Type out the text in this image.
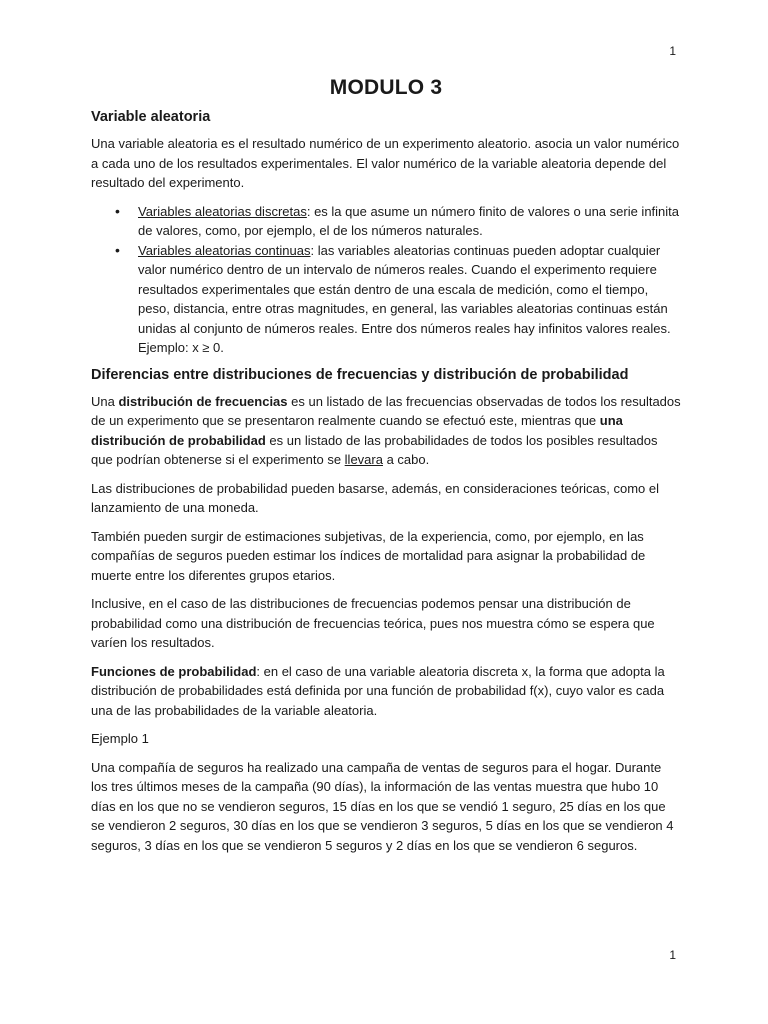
1
MODULO 3
Variable aleatoria

Una variable aleatoria es el resultado numérico de un experimento aleatorio. asocia un valor numérico a cada uno de los resultados experimentales. El valor numérico de la variable aleatoria depende del resultado del experimento.

• Variables aleatorias discretas: es la que asume un número finito de valores o una serie infinita de valores, como, por ejemplo, el de los números naturales.
• Variables aleatorias continuas: las variables aleatorias continuas pueden adoptar cualquier valor numérico dentro de un intervalo de números reales. Cuando el experimento requiere resultados experimentales que están dentro de una escala de medición, como el tiempo, peso, distancia, entre otras magnitudes, en general, las variables aleatorias continuas están unidas al conjunto de números reales. Entre dos números reales hay infinitos valores reales.
Ejemplo: x ≥ 0.
Diferencias entre distribuciones de frecuencias y distribución de probabilidad

Una distribución de frecuencias es un listado de las frecuencias observadas de todos los resultados de un experimento que se presentaron realmente cuando se efectuó este, mientras que una distribución de probabilidad es un listado de las probabilidades de todos los posibles resultados que podrían obtenerse si el experimento se llevara a cabo.

Las distribuciones de probabilidad pueden basarse, además, en consideraciones teóricas, como el lanzamiento de una moneda.

También pueden surgir de estimaciones subjetivas, de la experiencia, como, por ejemplo, en las compañías de seguros pueden estimar los índices de mortalidad para asignar la probabilidad de muerte entre los diferentes grupos etarios.

Inclusive, en el caso de las distribuciones de frecuencias podemos pensar una distribución de probabilidad como una distribución de frecuencias teórica, pues nos muestra cómo se espera que varíen los resultados.

Funciones de probabilidad: en el caso de una variable aleatoria discreta x, la forma que adopta la distribución de probabilidades está definida por una función de probabilidad f(x), cuyo valor es cada una de las probabilidades de la variable aleatoria.

Ejemplo 1

Una compañía de seguros ha realizado una campaña de ventas de seguros para el hogar. Durante los tres últimos meses de la campaña (90 días), la información de las ventas muestra que hubo 10 días en los que no se vendieron seguros, 15 días en los que se vendió 1 seguro, 25 días en los que se vendieron 2 seguros, 30 días en los que se vendieron 3 seguros, 5 días en los que se vendieron 4 seguros, 3 días en los que se vendieron 5 seguros y 2 días en los que se vendieron 6 seguros.

1
